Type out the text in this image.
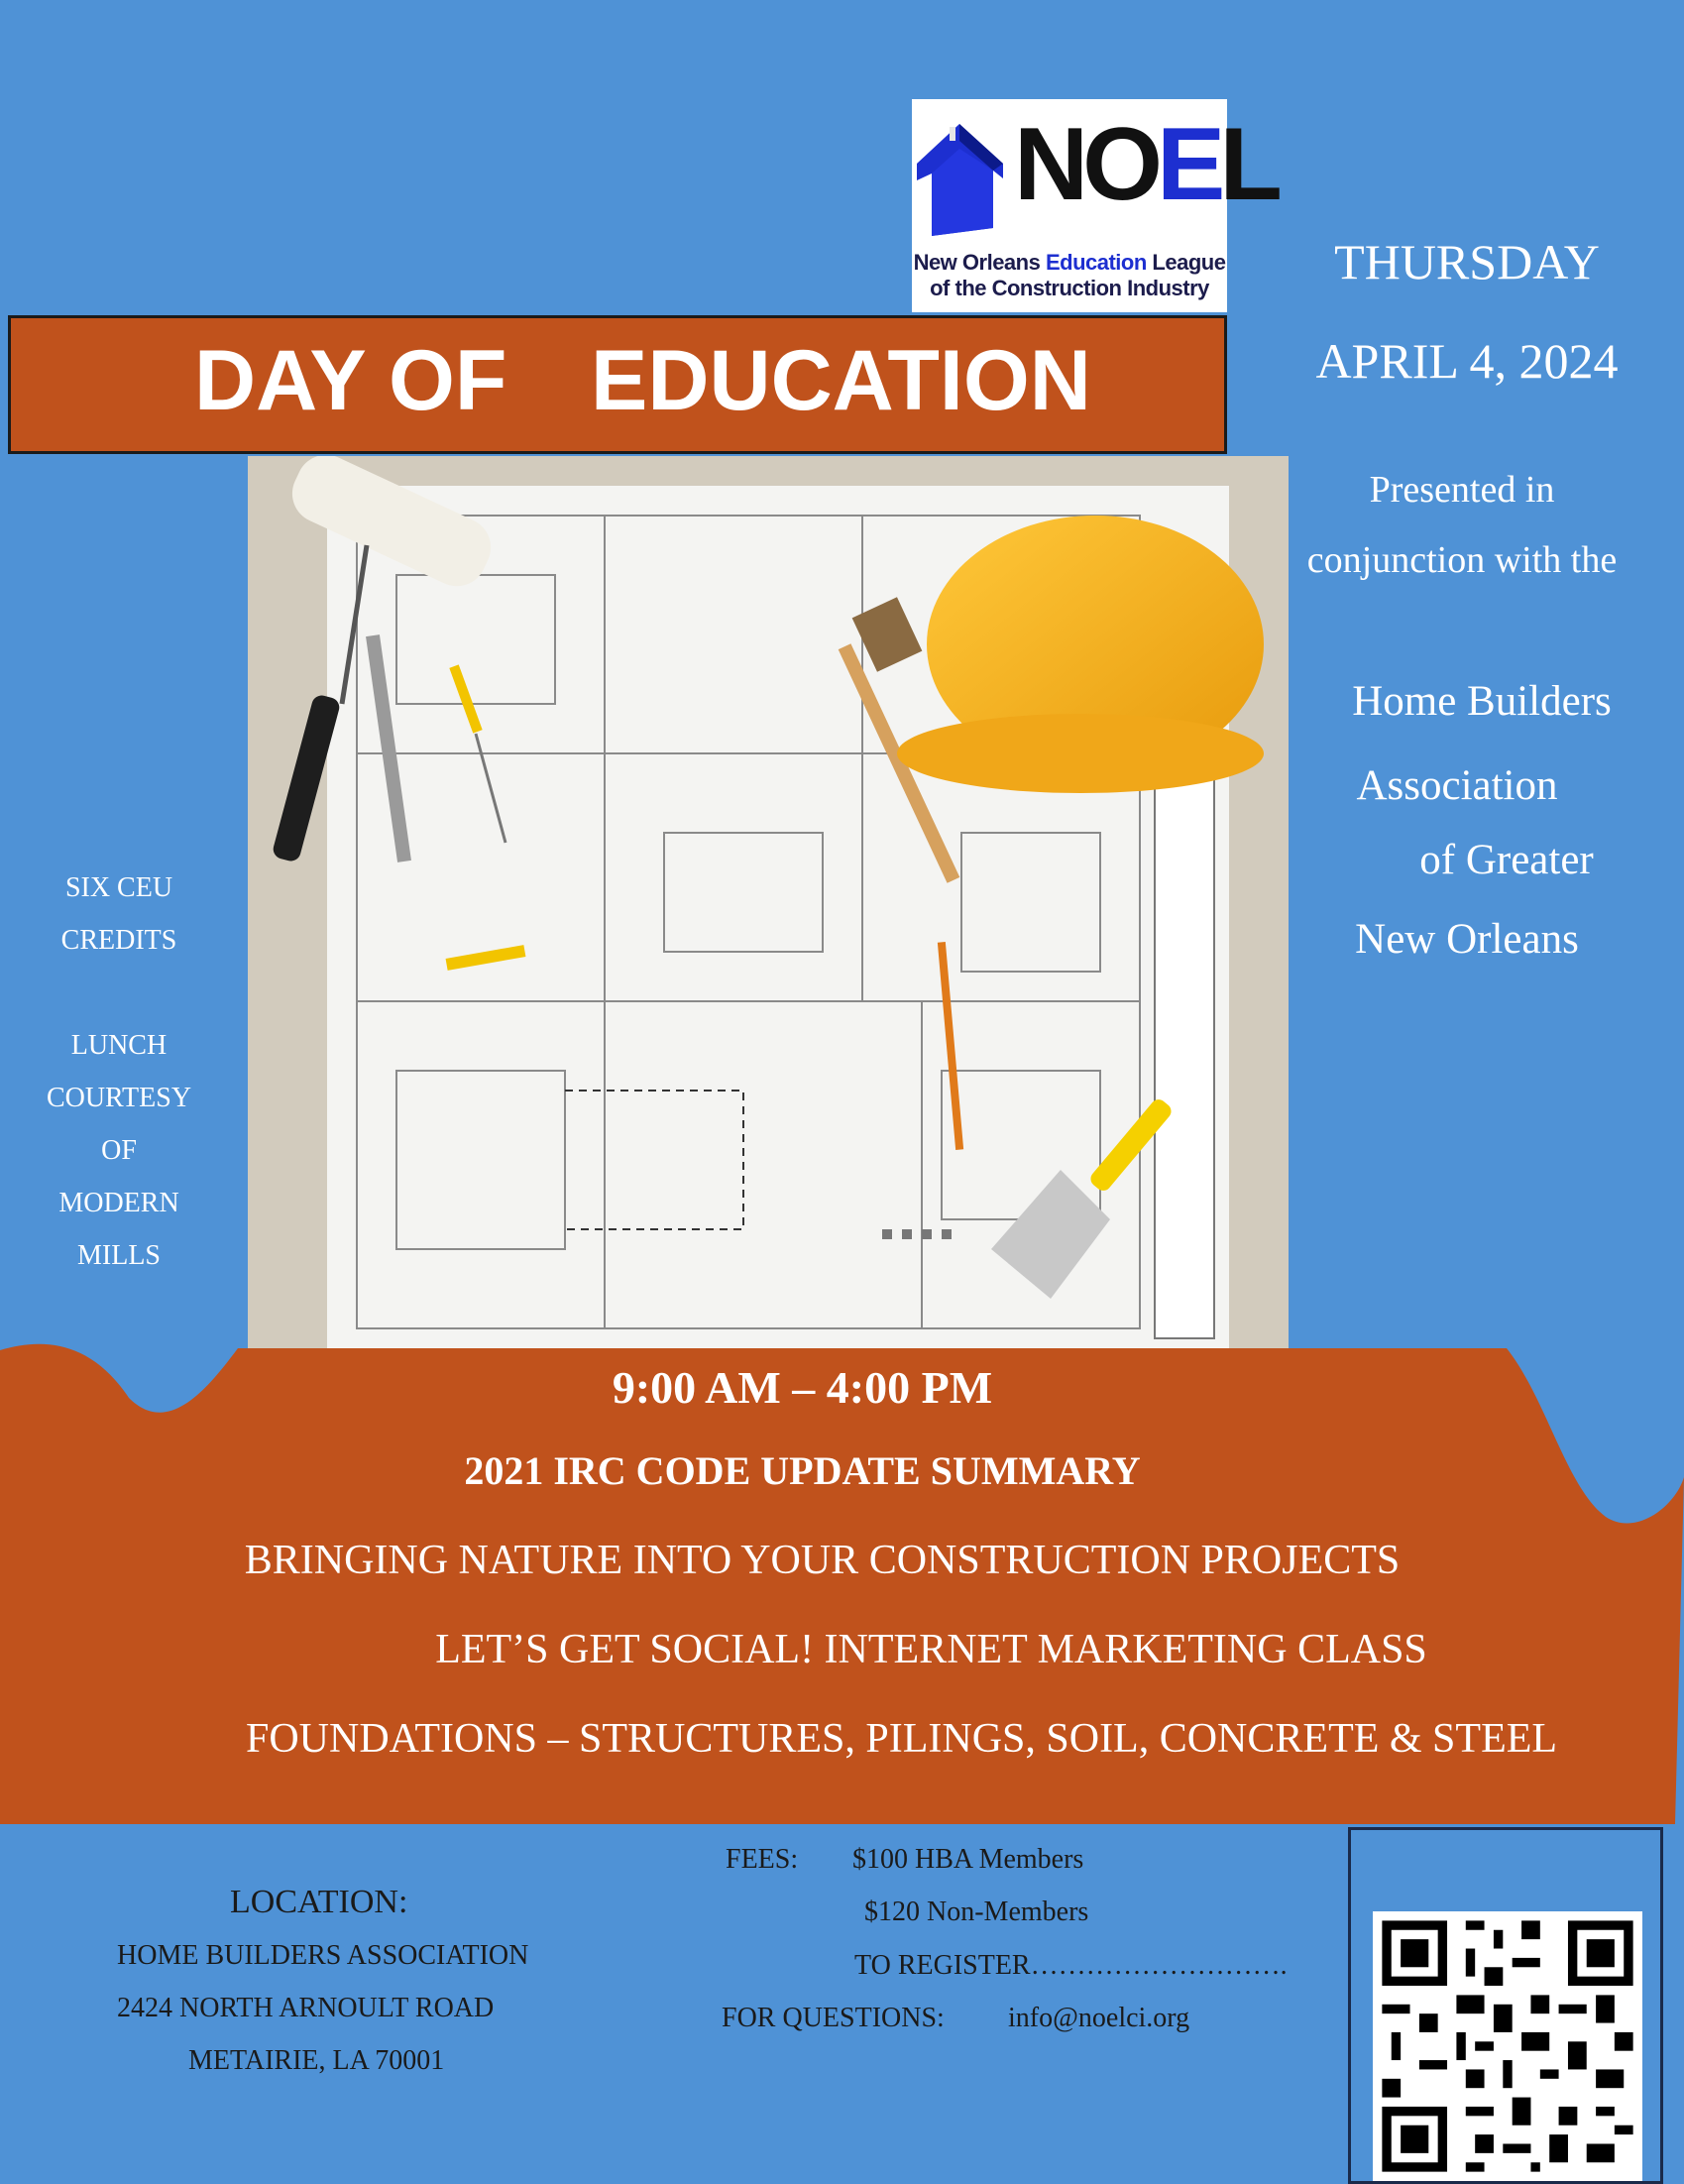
NOEL
New Orleans Education League
of the Construction Industry
DAY OF EDUCATION
THURSDAY
APRIL 4, 2024
Presented in
conjunction with the
Home Builders
Association
of Greater
New Orleans
SIX CEU
CREDITS
LUNCH
COURTESY
OF
MODERN
MILLS
9:00 AM – 4:00 PM
2021 IRC CODE UPDATE SUMMARY
BRINGING NATURE INTO YOUR CONSTRUCTION PROJECTS
LET’S GET SOCIAL! INTERNET MARKETING CLASS
FOUNDATIONS – STRUCTURES, PILINGS, SOIL, CONCRETE & STEEL
LOCATION:
HOME BUILDERS ASSOCIATION
2424 NORTH ARNOULT ROAD
METAIRIE, LA 70001
FEES: $100 HBA Members
$120 Non-Members
TO REGISTER……………………….
FOR QUESTIONS: info@noelci.org
